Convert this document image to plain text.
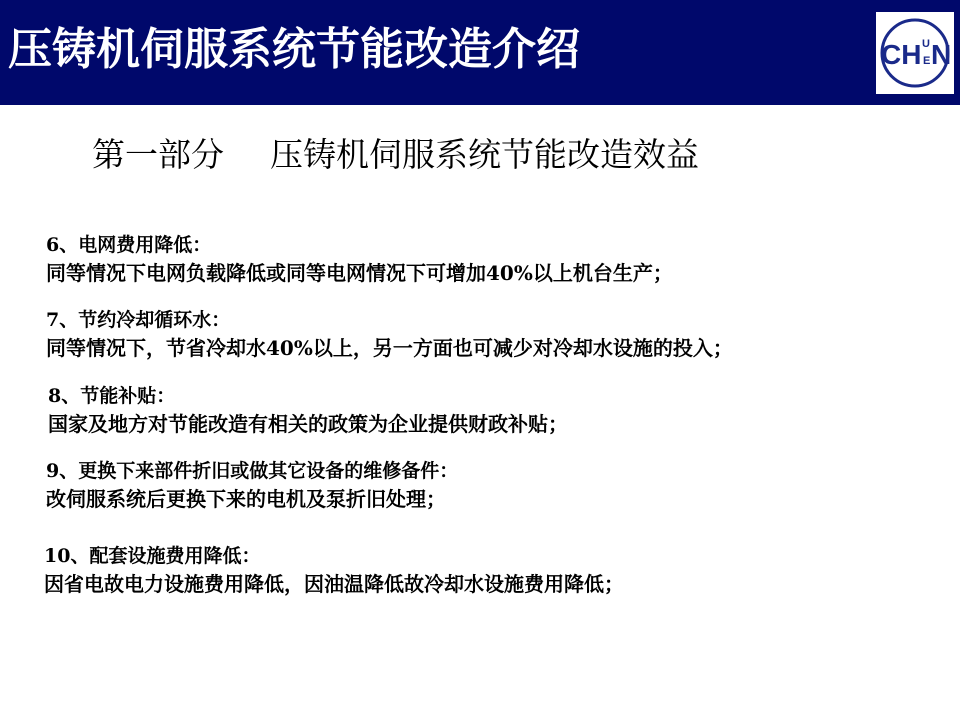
压铸机伺服系统节能改造介绍	CH U
E N
第一部分 压铸机伺服系统节能改造效益
6、电网费用降低：
同等情况下电网负载降低或同等电网情况下可增加40%以上机台生产；
7、节约冷却循环水：
同等情况下，节省冷却水40%以上，另一方面也可减少对冷却水设施的投入；
8、节能补贴：
国家及地方对节能改造有相关的政策为企业提供财政补贴；
9、更换下来部件折旧或做其它设备的维修备件：
改伺服系统后更换下来的电机及泵折旧处理；
10、配套设施费用降低：
因省电故电力设施费用降低，因油温降低故冷却水设施费用降低；
